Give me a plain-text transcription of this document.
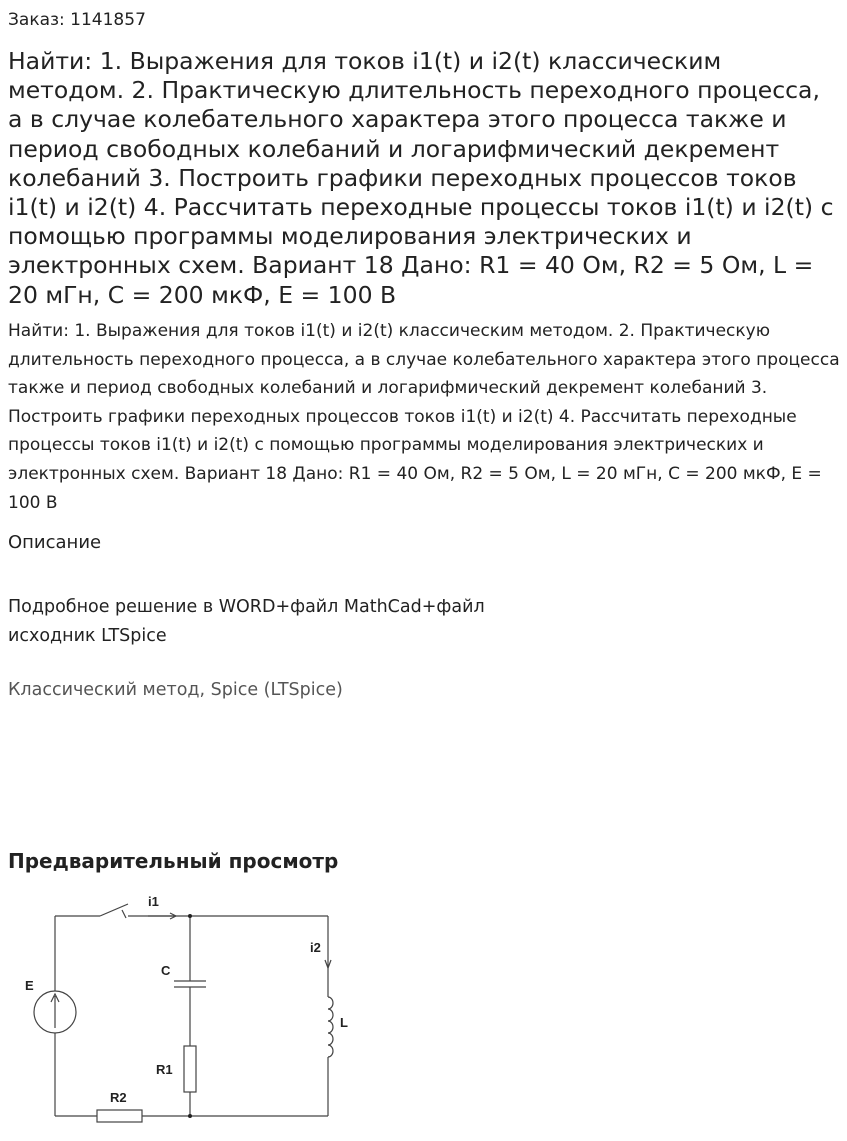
Заказ: 1141857
Найти: 1. Выражения для токов i1(t) и i2(t) классическим методом. 2. Практическую длительность переходного процесса, а в случае колебательного характера этого процесса также и период свободных колебаний и логарифмический декремент колебаний 3. Построить графики переходных процессов токов i1(t) и i2(t) 4. Рассчитать переходные процессы токов i1(t) и i2(t) с помощью программы моделирования электрических и электронных схем. Вариант 18 Дано: R1 = 40 Ом, R2 = 5 Ом, L = 20 мГн, С = 200 мкФ, E = 100 В
Найти: 1. Выражения для токов i1(t) и i2(t) классическим методом. 2. Практическую длительность переходного процесса, а в случае колебательного характера этого процесса также и период свободных колебаний и логарифмический декремент колебаний 3. Построить графики переходных процессов токов i1(t) и i2(t) 4. Рассчитать переходные процессы токов i1(t) и i2(t) с помощью программы моделирования электрических и электронных схем. Вариант 18 Дано: R1 = 40 Ом, R2 = 5 Ом, L = 20 мГн, С = 200 мкФ, E = 100 В
Описание
Подробное решение в WORD+файл MathCad+файл
исходник LTSpice
Классический метод, Spice (LTSpice)
Предварительный просмотр
i1
i2
C
E
L
R1
R2
